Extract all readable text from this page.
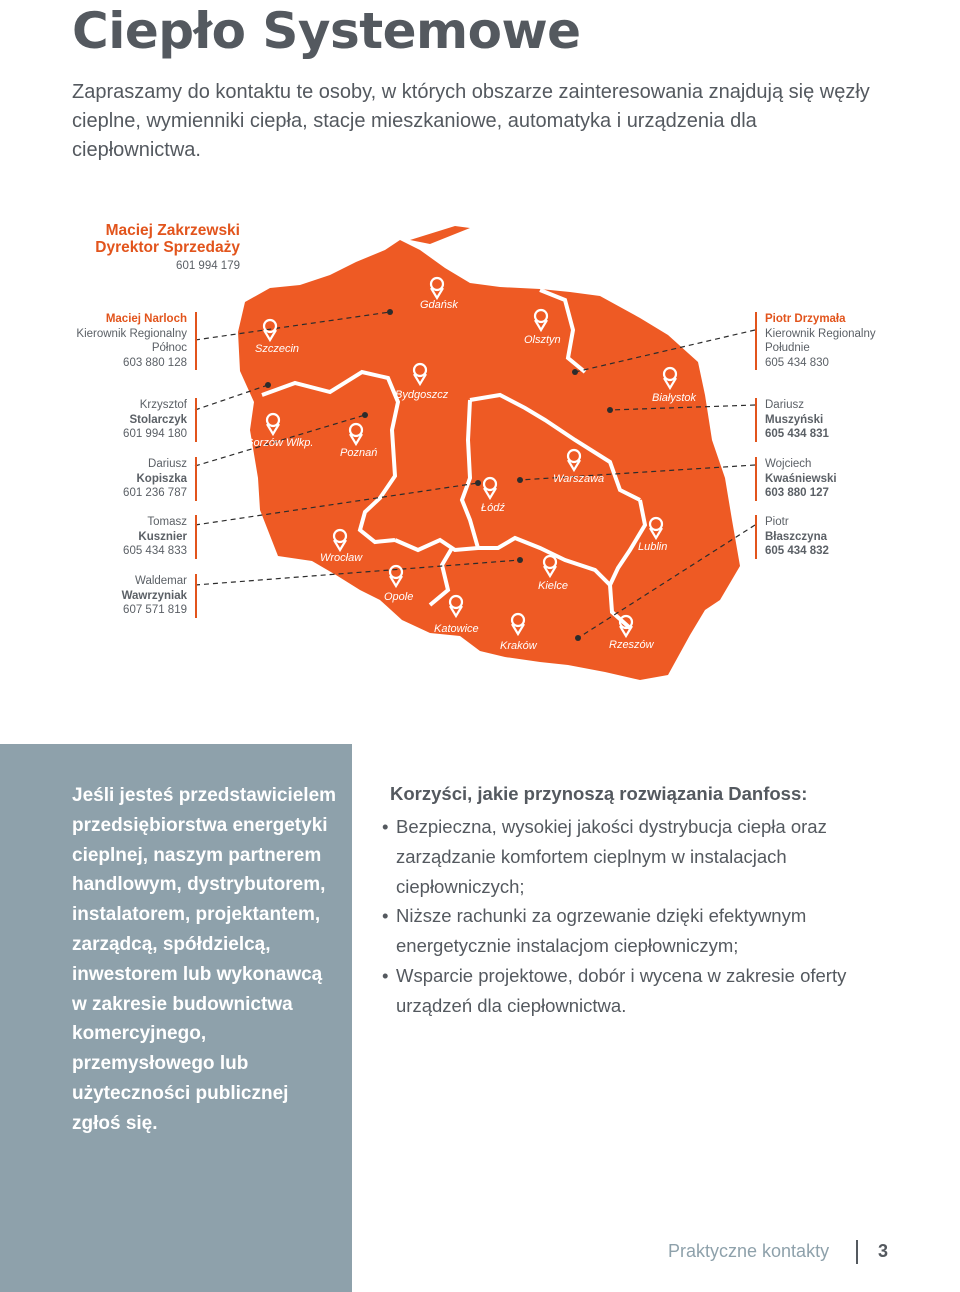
Ciepło Systemowe

Zapraszamy do kontaktu te osoby, w których obszarze zainteresowania znajdują się węzły cieplne, wymienniki ciepła, stacje mieszkaniowe, automatyka i urządzenia dla ciepłownictwa.

Gdańsk
Szczecin
Olsztyn
Bydgoszcz	Białystok
Gorzów Wlkp.
Poznań
Warszawa
Łódź
Wrocław
Lublin
Kielce
Opole
Katowice
Kraków	Rzeszów
Maciej Zakrzewski
Dyrektor Sprzedaży
601 994 179
Maciej Narloch
Kierownik Regionalny
Północ
603 880 128
Krzysztof
Stolarczyk
601 994 180
Dariusz
Kopiszka
601 236 787
Tomasz
Kusznier
605 434 833
Waldemar
Wawrzyniak
607 571 819
Piotr Drzymała
Kierownik Regionalny
Południe
605 434 830
Dariusz
Muszyński
605 434 831
Wojciech
Kwaśniewski
603 880 127
Piotr
Błaszczyna
605 434 832

Jeśli jesteś przedstawicielem przedsiębiorstwa energetyki cieplnej, naszym partnerem handlowym, dystrybutorem, instalatorem, projektantem, zarządcą, spółdzielcą, inwestorem lub wykonawcą w zakresie budownictwa komercyjnego, przemysłowego lub użyteczności publicznej zgłoś się.

Korzyści, jakie przynoszą rozwiązania Danfoss:
• Bezpieczna, wysokiej jakości dystrybucja ciepła oraz zarządzanie komfortem cieplnym w instalacjach ciepłowniczych;
• Niższe rachunki za ogrzewanie dzięki efektywnym energetycznie instalacjom ciepłowniczym;
• Wsparcie projektowe, dobór i wycena w zakresie oferty urządzeń dla ciepłownictwa.
Praktyczne kontakty	3
